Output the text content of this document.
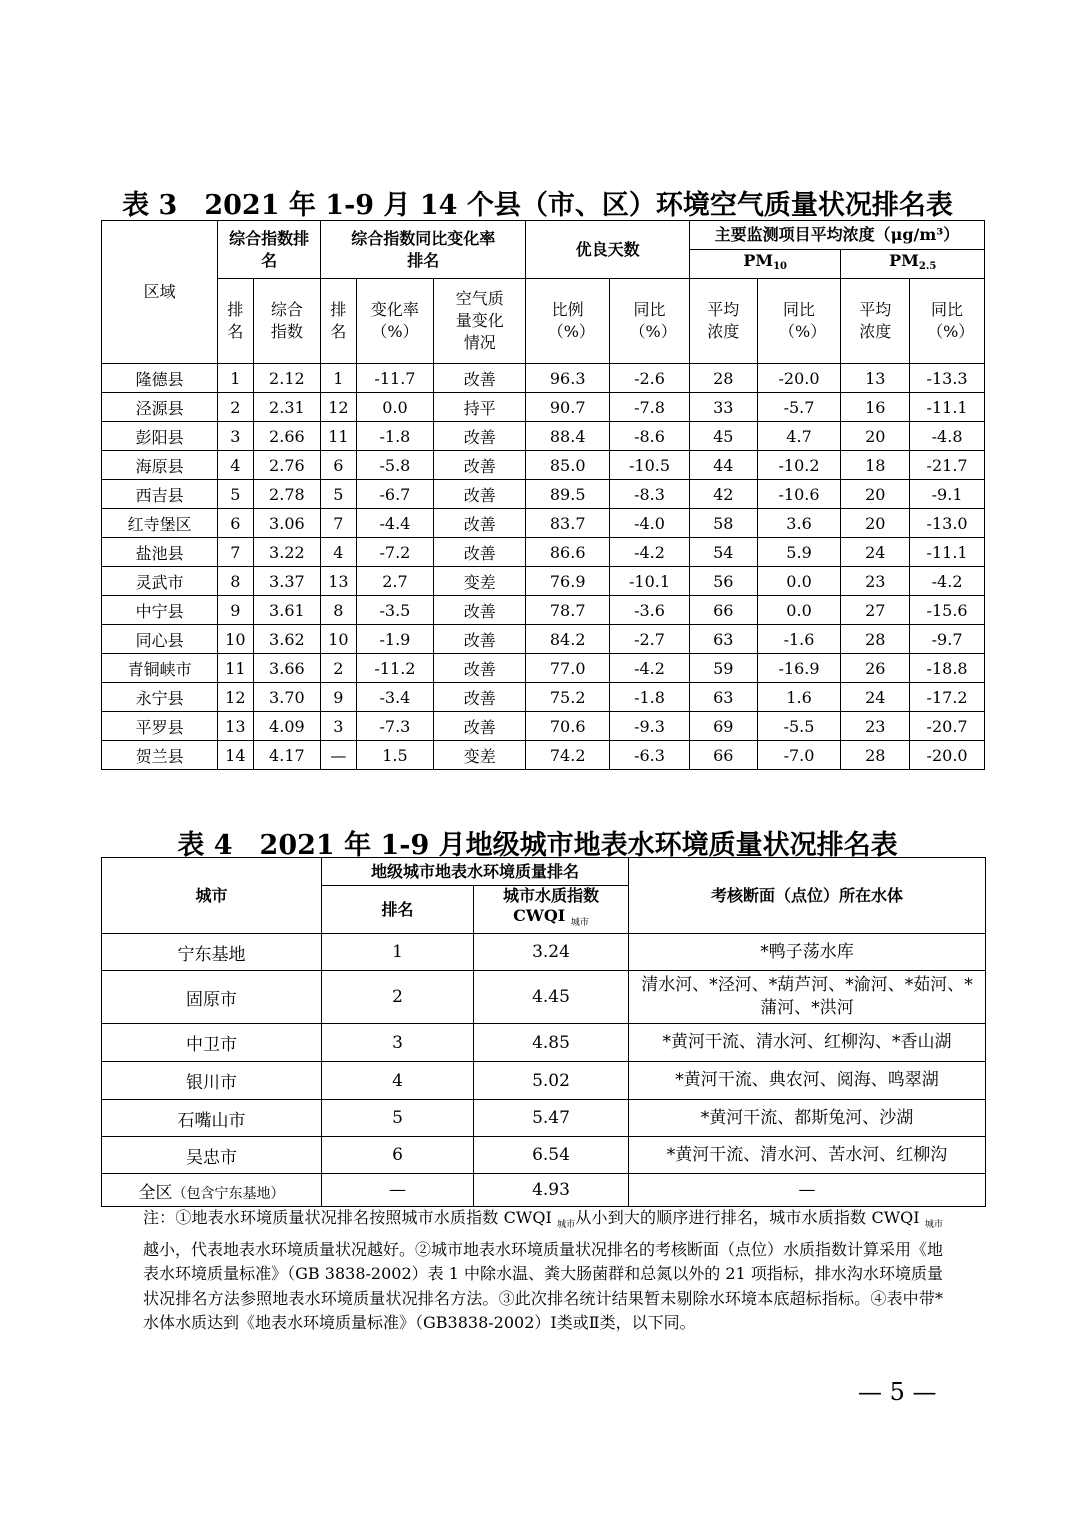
表 3　2021 年 1-9 月 14 个县（市、区）环境空气质量状况排名表
区域	综合指数排名		综合指数同比变化率排名			优良天数		主要监测项目平均浓度（μg/m³）			
								$PM_{10}$		$PM_{2.5}$

	排名	综合指数	排名	变化率（%）	空气质量变化情况	比例（%）	同比（%）	平均浓度	同比（%）	平均浓度	同比（%）

隆德县	1	2.12	1	-11.7	改善	96.3	-2.6	28	-20.0	13	-13.3
泾源县	2	2.31	12	0.0	持平	90.7	-7.8	33	-5.7	16	-11.1
彭阳县	3	2.66	11	-1.8	改善	88.4	-8.6	45	4.7	20	-4.8
海原县	4	2.76	6	-5.8	改善	85.0	-10.5	44	-10.2	18	-21.7
西吉县	5	2.78	5	-6.7	改善	89.5	-8.3	42	-10.6	20	-9.1
红寺堡区	6	3.06	7	-4.4	改善	83.7	-4.0	58	3.6	20	-13.0
盐池县	7	3.22	4	-7.2	改善	86.6	-4.2	54	5.9	24	-11.1
灵武市	8	3.37	13	2.7	变差	76.9	-10.1	56	0.0	23	-4.2
中宁县	9	3.61	8	-3.5	改善	78.7	-3.6	66	0.0	27	-15.6
同心县	10	3.62	10	-1.9	改善	84.2	-2.7	63	-1.6	28	-9.7
青铜峡市	11	3.66	2	-11.2	改善	77.0	-4.2	59	-16.9	26	-18.8
永宁县	12	3.70	9	-3.4	改善	75.2	-1.8	63	1.6	24	-17.2
平罗县	13	4.09	3	-7.3	改善	70.6	-9.3	69	-5.5	23	-20.7
贺兰县	14	4.17	—	1.5	变差	74.2	-6.3	66	-7.0	28	-20.0
表 4　2021 年 1-9 月地级城市地表水环境质量状况排名表
城市	地级城市地表水环境质量排名		考核断面（点位）所在水体
	排名	城市水质指数
CWQI $_{城市}$

宁东基地	1	3.24	*鸭子荡水库
固原市	2	4.45	清水河、*泾河、*葫芦河、*渝河、*茹河、*蒲河、*洪河
中卫市	3	4.85	*黄河干流、清水河、红柳沟、*香山湖
银川市	4	5.02	*黄河干流、典农河、阅海、鸣翠湖
石嘴山市	5	5.47	*黄河干流、都斯兔河、沙湖
吴忠市	6	6.54	*黄河干流、清水河、苦水河、红柳沟
全区（包含宁东基地）	—	4.93	—

注：①地表水环境质量状况排名按照城市水质指数 CWQI $_{城市}$从小到大的顺序进行排名，城市水质指数 CWQI $_{城市}$越小，代表地表水环境质量状况越好。②城市地表水环境质量状况排名的考核断面（点位）水质指数计算采用《地表水环境质量标准》（GB 3838-2002）表 1 中除水温、粪大肠菌群和总氮以外的 21 项指标，排水沟水环境质量状况排名方法参照地表水环境质量状况排名方法。③此次排名统计结果暂未剔除水环境本底超标指标。④表中带*水体水质达到《地表水环境质量标准》（GB3838-2002）Ⅰ类或Ⅱ类，以下同。

— 5 —
